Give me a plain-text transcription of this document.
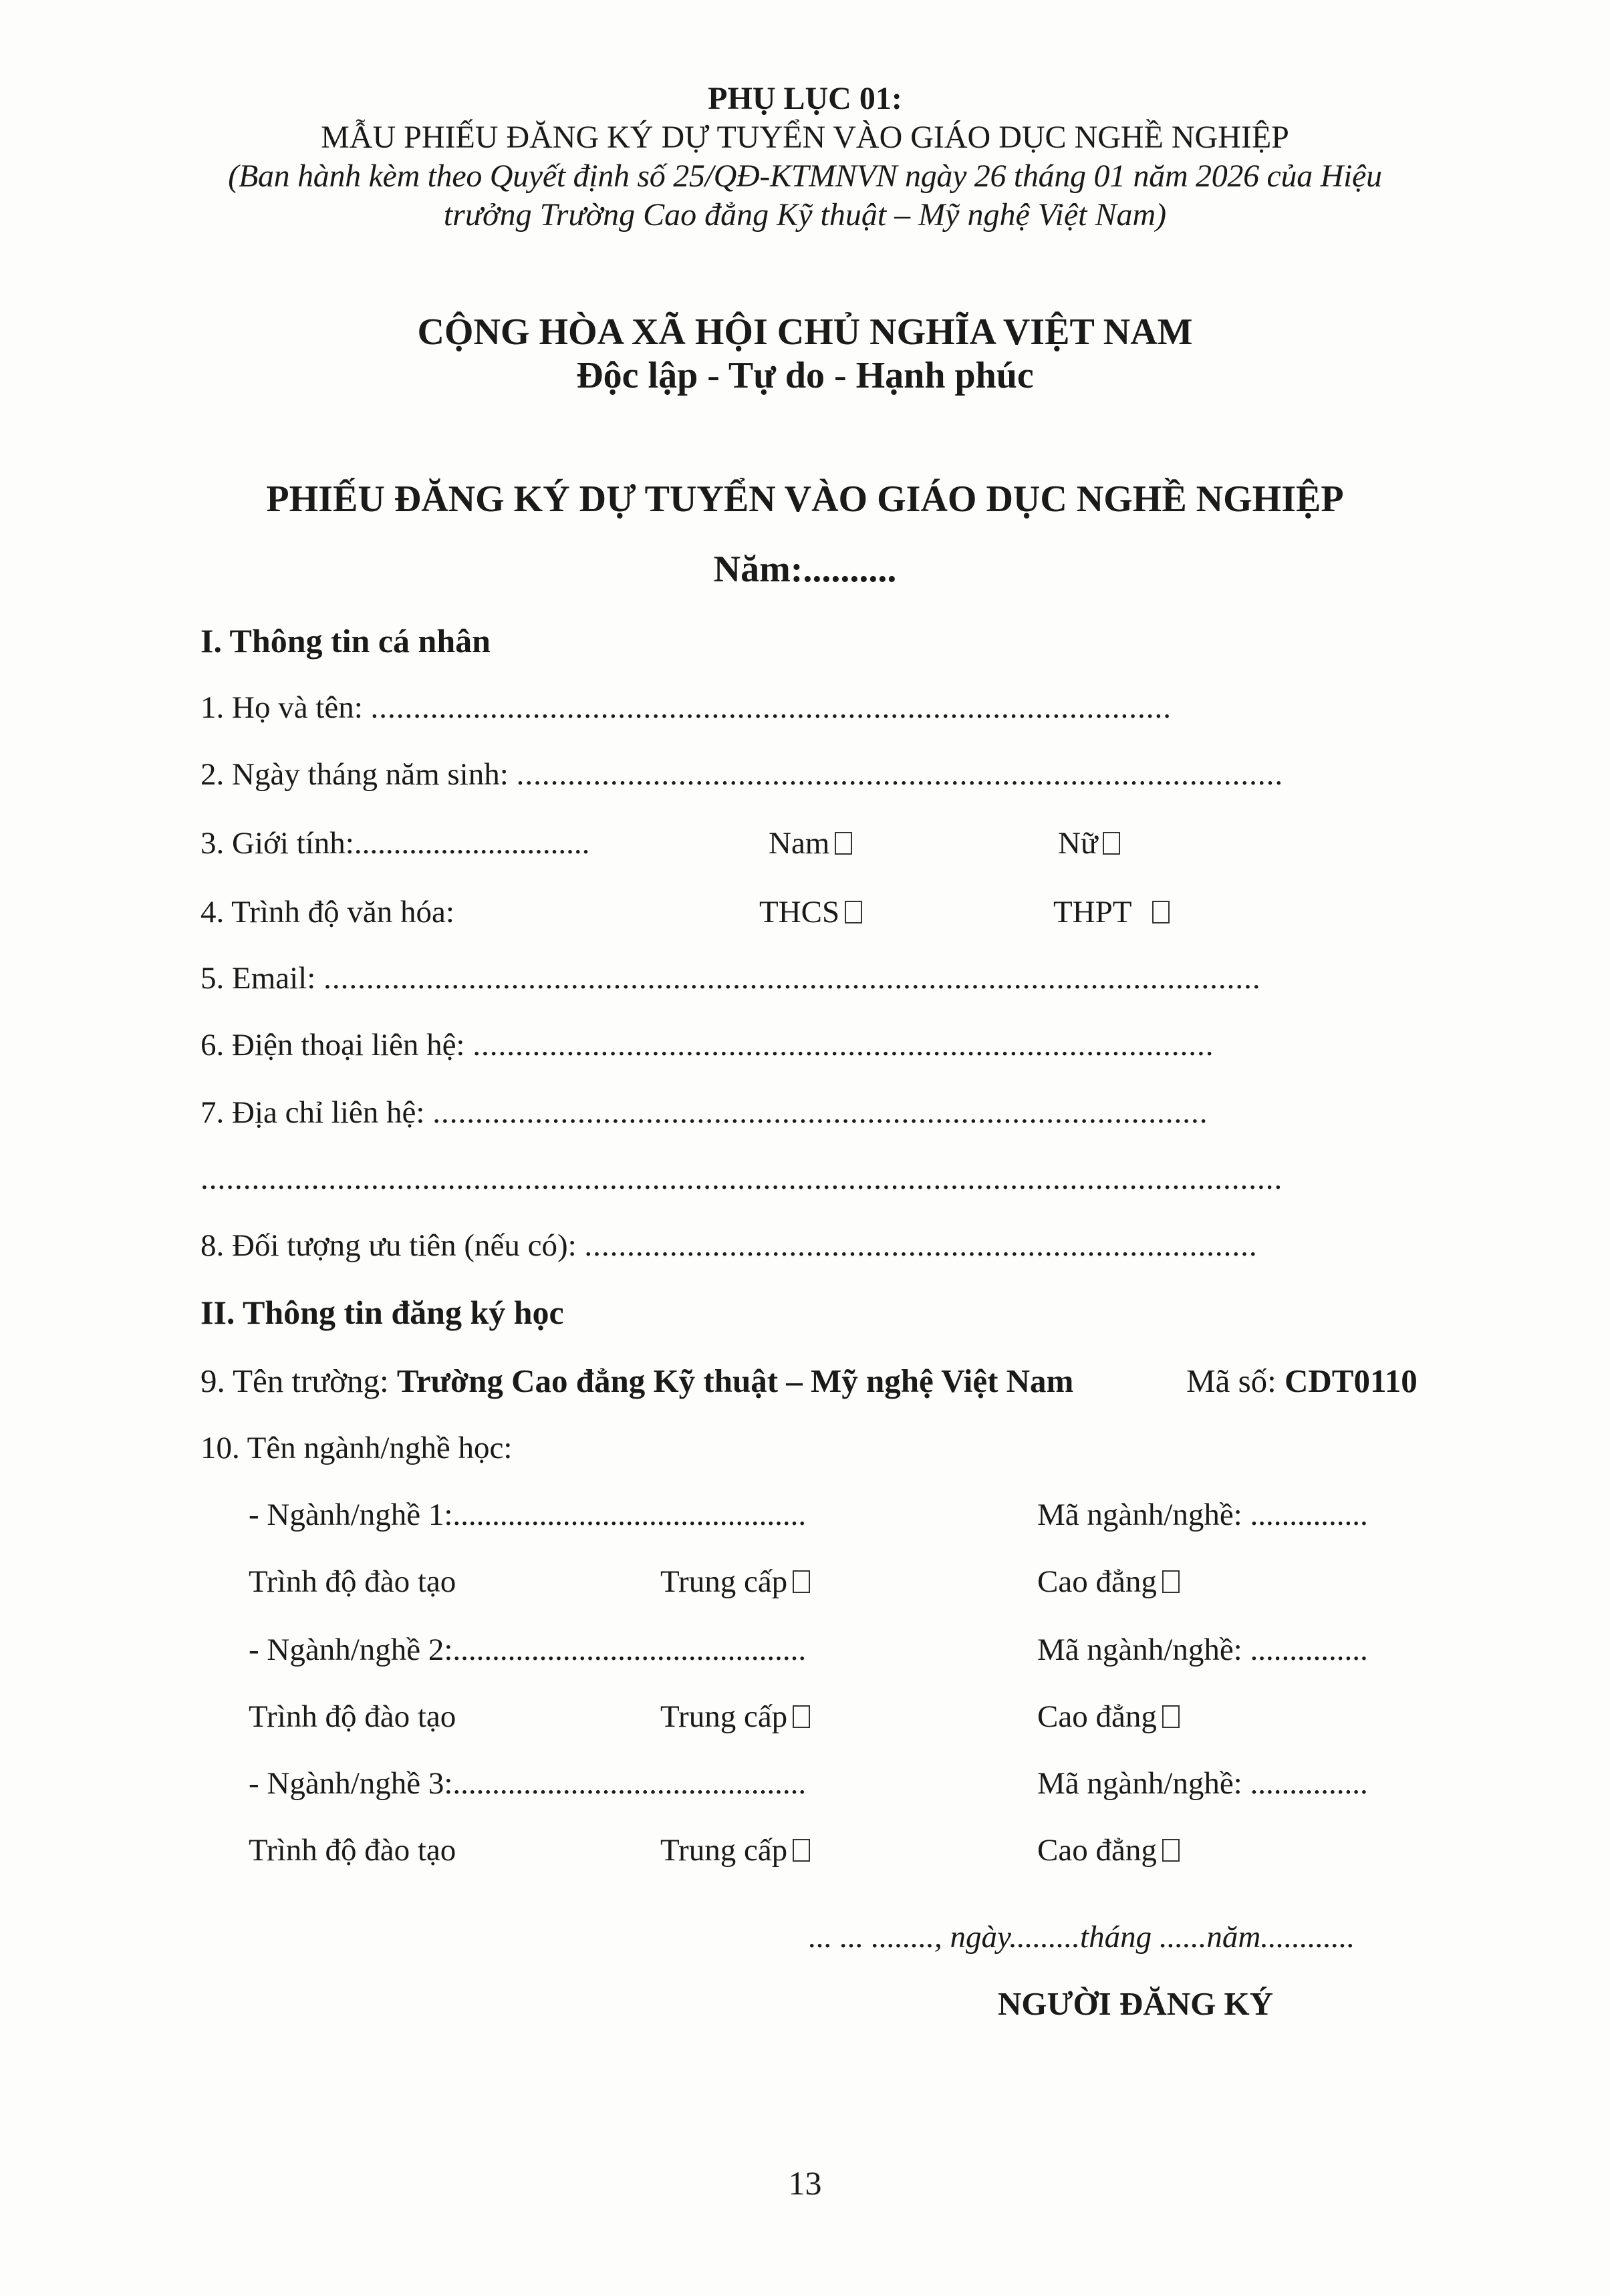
PHỤ LỤC 01:
MẪU PHIẾU ĐĂNG KÝ DỰ TUYỂN VÀO GIÁO DỤC NGHỀ NGHIỆP
(Ban hành kèm theo Quyết định số 25/QĐ-KTMNVN ngày 26 tháng 01 năm 2026 của Hiệu
trưởng Trường Cao đẳng Kỹ thuật – Mỹ nghệ Việt Nam)
CỘNG HÒA XÃ HỘI CHỦ NGHĨA VIỆT NAM
Độc lập - Tự do - Hạnh phúc
PHIẾU ĐĂNG KÝ DỰ TUYỂN VÀO GIÁO DỤC NGHỀ NGHIỆP
Năm:..........
I. Thông tin cá nhân
1. Họ và tên: ..............................................................................................
2. Ngày tháng năm sinh: ..........................................................................................
3. Giới tính:..............................	Nam	Nữ
4. Trình độ văn hóa:	THCS	THPT
5. Email: ..............................................................................................................
6. Điện thoại liên hệ: .......................................................................................
7. Địa chỉ liên hệ: ...........................................................................................
...............................................................................................................................
8. Đối tượng ưu tiên (nếu có): ...............................................................................
II. Thông tin đăng ký học
9. Tên trường: Trường Cao đẳng Kỹ thuật – Mỹ nghệ Việt Nam	Mã số: CDT0110
10. Tên ngành/nghề học:
- Ngành/nghề 1:.............................................	Mã ngành/nghề: ...............
Trình độ đào tạo	Trung cấp	Cao đẳng
- Ngành/nghề 2:.............................................	Mã ngành/nghề: ...............
Trình độ đào tạo	Trung cấp	Cao đẳng
- Ngành/nghề 3:.............................................	Mã ngành/nghề: ...............
Trình độ đào tạo	Trung cấp	Cao đẳng
... ... ........, ngày.........tháng ......năm............
NGƯỜI ĐĂNG KÝ
13
